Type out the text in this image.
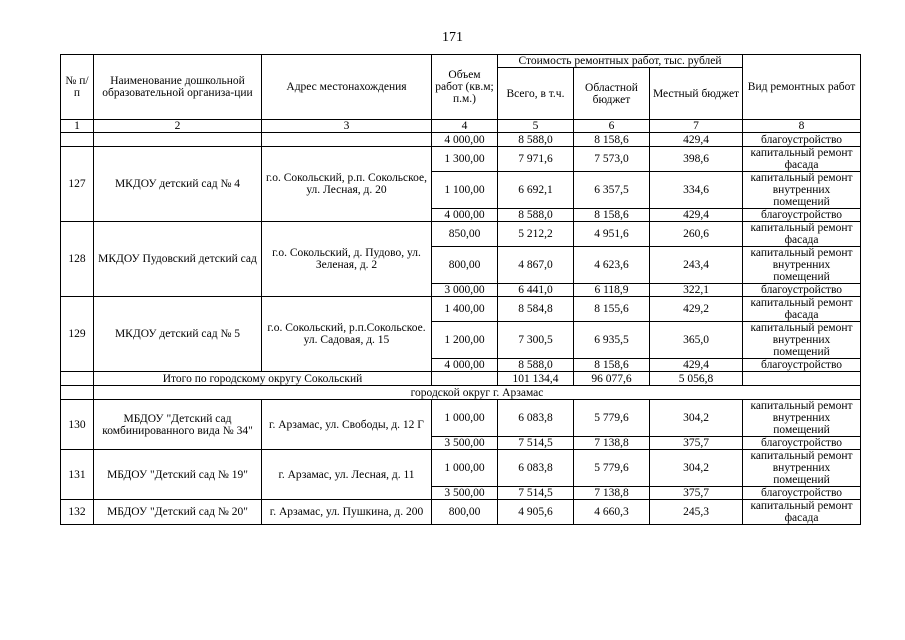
171
№ п/п	Наименование дошкольной образовательной организа-ции	Адрес местонахождения	Объем работ (кв.м; п.м.)	Стоимость ремонтных работ, тыс. рублей			Вид ремонтных работ
				Всего, в т.ч.	Областной бюджет	Местный бюджет	
1	2	3	4	5	6	7	8
			4 000,00	8 588,0	8 158,6	429,4	благоустройство
127	МКДОУ детский сад № 4	г.о. Сокольский, р.п. Сокольское, ул. Лесная, д. 20	1 300,00	7 971,6	7 573,0	398,6	капитальный ремонт фасада
			1 100,00	6 692,1	6 357,5	334,6	капитальный ремонт внутренних помещений
			4 000,00	8 588,0	8 158,6	429,4	благоустройство
128	МКДОУ Пудовский детский сад	г.о. Сокольский, д. Пудово, ул. Зеленая, д. 2	850,00	5 212,2	4 951,6	260,6	капитальный ремонт фасада
			800,00	4 867,0	4 623,6	243,4	капитальный ремонт внутренних помещений
			3 000,00	6 441,0	6 118,9	322,1	благоустройство
129	МКДОУ детский сад № 5	г.о. Сокольский, р.п.Сокольское. ул. Садовая, д. 15	1 400,00	8 584,8	8 155,6	429,2	капитальный ремонт фасада
			1 200,00	7 300,5	6 935,5	365,0	капитальный ремонт внутренних помещений
			4 000,00	8 588,0	8 158,6	429,4	благоустройство
	Итого по городскому округу Сокольский			101 134,4	96 077,6	5 056,8	
	городской округ г. Арзамас						
130	МБДОУ "Детский сад комбинированного вида № 34"	г. Арзамас, ул. Свободы, д. 12 Г	1 000,00	6 083,8	5 779,6	304,2	капитальный ремонт внутренних помещений
			3 500,00	7 514,5	7 138,8	375,7	благоустройство
131	МБДОУ "Детский сад № 19"	г. Арзамас, ул. Лесная, д. 11	1 000,00	6 083,8	5 779,6	304,2	капитальный ремонт внутренних помещений
			3 500,00	7 514,5	7 138,8	375,7	благоустройство
132	МБДОУ "Детский сад № 20"	г. Арзамас, ул. Пушкина, д. 200	800,00	4 905,6	4 660,3	245,3	капитальный ремонт фасада
